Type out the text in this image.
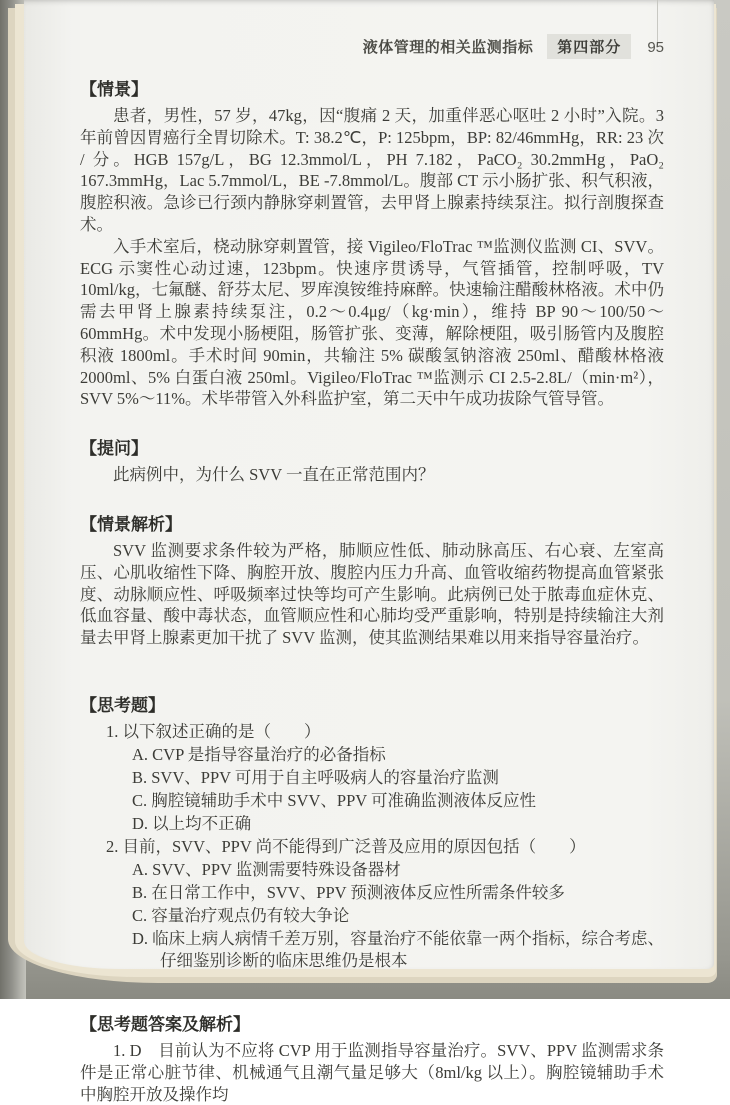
液体管理的相关监测指标	第四部分	95
【情景】

患者，男性，57 岁，47kg，因“腹痛 2 天，加重伴恶心呕吐 2 小时”入院。3 年前曾因胃癌行全胃切除术。T: 38.2℃，P: 125bpm，BP: 82/46mmHg，RR: 23 次 / 分。HGB 157g/L，BG 12.3mmol/L，PH 7.182，PaCO₂ 30.2mmHg，PaO₂ 167.3mmHg，Lac 5.7mmol/L，BE -7.8mmol/L。腹部 CT 示小肠扩张、积气积液，腹腔积液。急诊已行颈内静脉穿刺置管，去甲肾上腺素持续泵注。拟行剖腹探查术。

入手术室后，桡动脉穿刺置管，接 Vigileo/FloTrac ™监测仪监测 CI、SVV。ECG 示窦性心动过速，123bpm。快速序贯诱导，气管插管，控制呼吸，TV 10ml/kg，七氟醚、舒芬太尼、罗库溴铵维持麻醉。快速输注醋酸林格液。术中仍需去甲肾上腺素持续泵注，0.2～0.4μg/（kg·min），维持 BP 90～100/50～60mmHg。术中发现小肠梗阻，肠管扩张、变薄，解除梗阻，吸引肠管内及腹腔积液 1800ml。手术时间 90min，共输注 5% 碳酸氢钠溶液 250ml、醋酸林格液 2000ml、5% 白蛋白液 250ml。Vigileo/FloTrac ™监测示 CI 2.5-2.8L/（min·m²），SVV 5%～11%。术毕带管入外科监护室，第二天中午成功拔除气管导管。

【提问】

此病例中，为什么 SVV 一直在正常范围内？

【情景解析】

SVV 监测要求条件较为严格，肺顺应性低、肺动脉高压、右心衰、左室高压、心肌收缩性下降、胸腔开放、腹腔内压力升高、血管收缩药物提高血管紧张度、动脉顺应性、呼吸频率过快等均可产生影响。此病例已处于脓毒血症休克、低血容量、酸中毒状态，血管顺应性和心肺均受严重影响，特别是持续输注大剂量去甲肾上腺素更加干扰了 SVV 监测，使其监测结果难以用来指导容量治疗。

【思考题】
1. 以下叙述正确的是（　　）
A. CVP 是指导容量治疗的必备指标
B. SVV、PPV 可用于自主呼吸病人的容量治疗监测
C. 胸腔镜辅助手术中 SVV、PPV 可准确监测液体反应性
D. 以上均不正确
2. 目前，SVV、PPV 尚不能得到广泛普及应用的原因包括（　　）
A. SVV、PPV 监测需要特殊设备器材
B. 在日常工作中，SVV、PPV 预测液体反应性所需条件较多
C. 容量治疗观点仍有较大争论
D. 临床上病人病情千差万别，容量治疗不能依靠一两个指标，综合考虑、仔细鉴别诊断的临床思维仍是根本
【思考题答案及解析】

1. D　目前认为不应将 CVP 用于监测指导容量治疗。SVV、PPV 监测需求条件是正常心脏节律、机械通气且潮气量足够大（8ml/kg 以上）。胸腔镜辅助手术中胸腔开放及操作均
